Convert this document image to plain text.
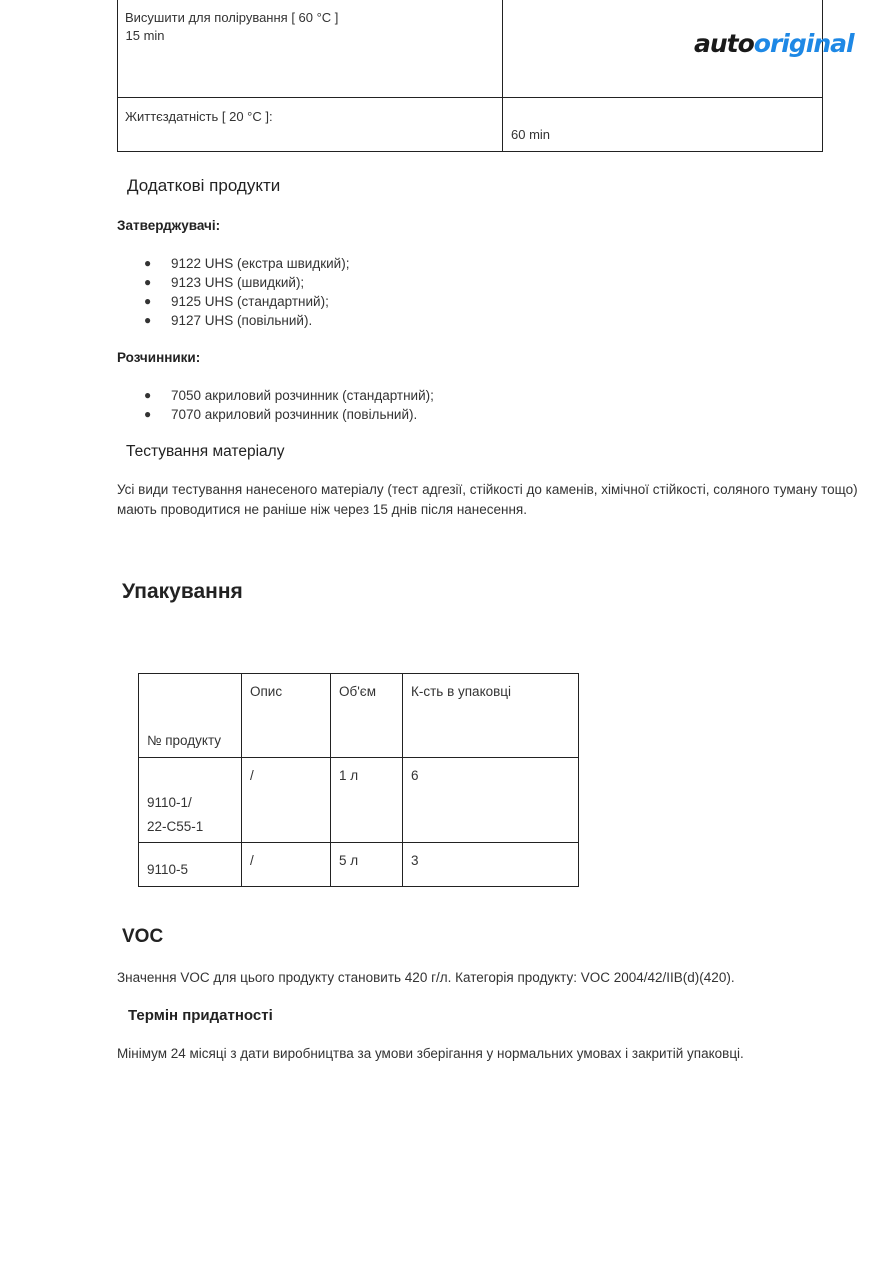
Висушити для полірування [ 60 °C ]	15 min

Життєздатність [ 20 °C ]:	60 min
autooriginal
Додаткові продукти
Затверджувачі:
● 9122 UHS (екстра швидкий);
● 9123 UHS (швидкий);
● 9125 UHS (стандартний);
● 9127 UHS (повільний).
Розчинники:
● 7050 акриловий розчинник (стандартний);
● 7070 акриловий розчинник (повільний).
Тестування матеріалу
Усі види тестування нанесеного матеріалу (тест адгезії, стійкості до каменів, хімічної стійкості, соляного туману тощо) мають проводитися не раніше ніж через 15 днів після нанесення.
Упакування
№ продукту	Опис	Об'єм	К-сть в упаковці

9110-1/
22-C55-1	/	1 л	6

9110-5	/	5 л	3
VOC
Значення VOC для цього продукту становить 420 г/л. Категорія продукту: VOC 2004/42/IIB(d)(420).
Термін придатності
Мінімум 24 місяці з дати виробництва за умови зберігання у нормальних умовах і закритій упаковці.
